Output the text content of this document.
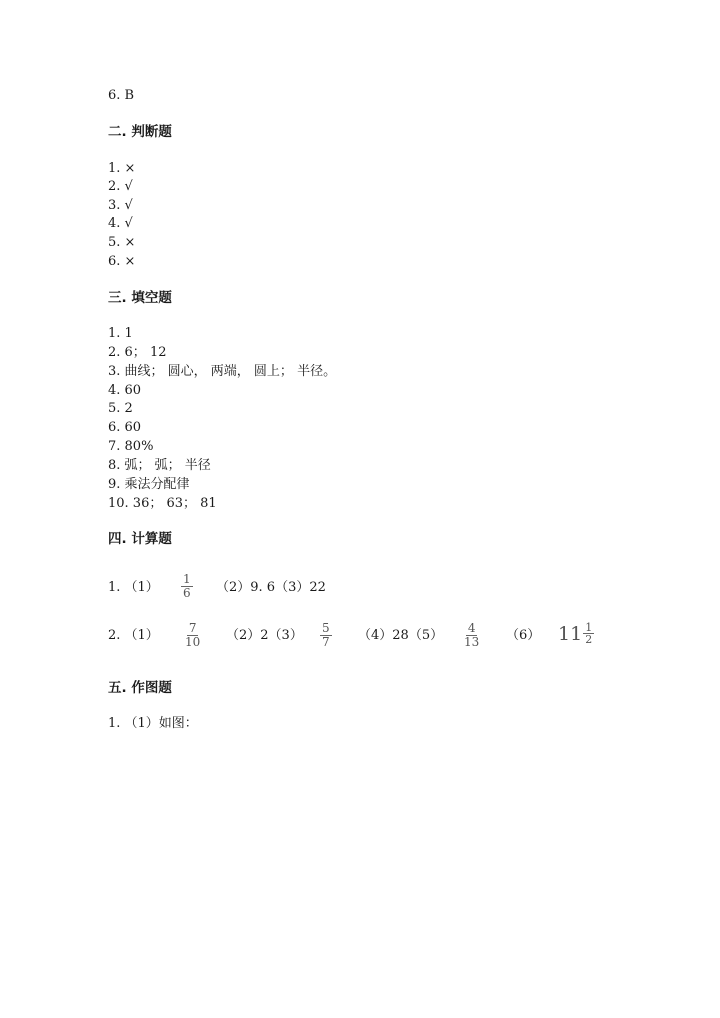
6. B
二. 判断题
1. ×
2. √
3. √
4. √
5. ×
6. ×
三. 填空题
1. 1
2. 6； 12
3. 曲线； 圆心， 两端， 圆上； 半径。
4. 60
5. 2
6. 60
7. 80%
8. 弧； 弧； 半径
9. 乘法分配律
10. 36； 63； 81
四. 计算题
1. $(1) \frac{1}{6} (2)9$. 6（3）22
2. $(1) \frac{7}{10} (2)2(3) \frac{5}{7} (4)28(5) \frac{4}{13} (6)$ $11 \frac{1}{2}$
五. 作图题
1. （1）如图：
